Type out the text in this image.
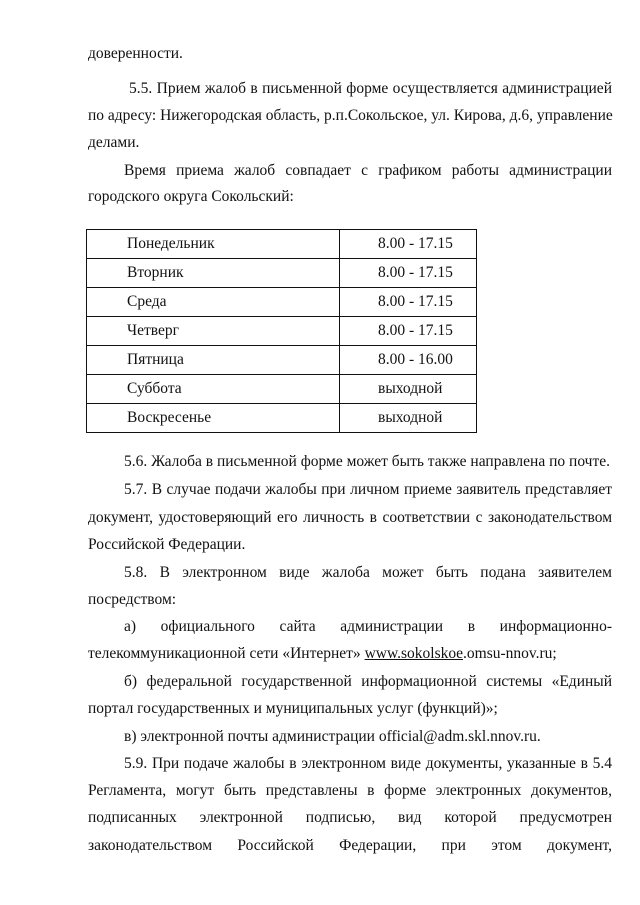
доверенности.
5.5. Прием жалоб в письменной форме осуществляется администрацией
по адресу: Нижегородская область, р.п.Сокольское, ул. Кирова, д.6, управление
делами.
Время приема жалоб совпадает с графиком работы администрации
городского округа Сокольский:
Понедельник	8.00 - 17.15
Вторник	8.00 - 17.15
Среда	8.00 - 17.15
Четверг	8.00 - 17.15
Пятница	8.00 - 16.00
Суббота	выходной
Воскресенье	выходной
5.6. Жалоба в письменной форме может быть также направлена по почте.
5.7. В случае подачи жалобы при личном приеме заявитель представляет
документ, удостоверяющий его личность в соответствии с законодательством
Российской Федерации.
5.8. В электронном виде жалоба может быть подана заявителем
посредством:
а) официального сайта администрации в информационно-
телекоммуникационной сети «Интернет» www.sokolskoe.omsu-nnov.ru;
б) федеральной государственной информационной системы «Единый
портал государственных и муниципальных услуг (функций)»;
в) электронной почты администрации official@adm.skl.nnov.ru.
5.9. При подаче жалобы в электронном виде документы, указанные в 5.4
Регламента, могут быть представлены в форме электронных документов,
подписанных электронной подписью, вид которой предусмотрен
законодательством Российской Федерации, при этом документ,
